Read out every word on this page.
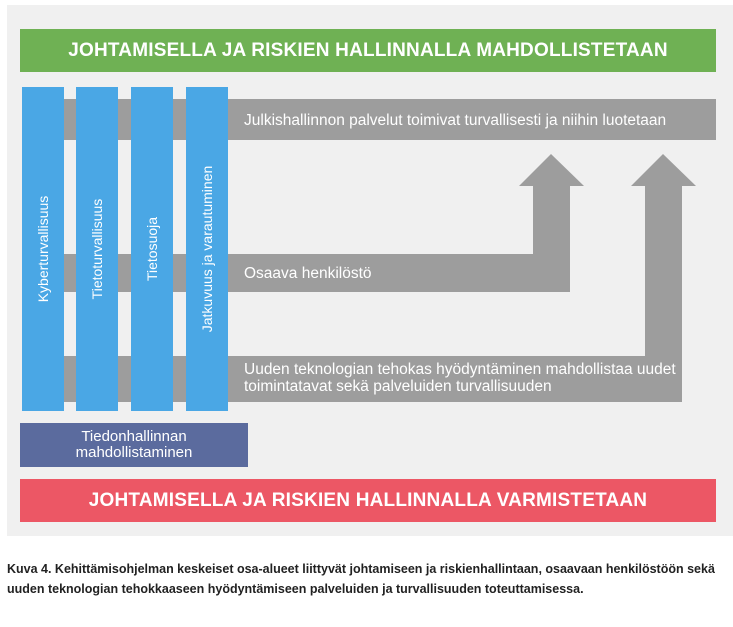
JOHTAMISELLA JA RISKIEN HALLINNALLA MAHDOLLISTETAAN
Julkishallinnon palvelut toimivat turvallisesti ja niihin luotetaan
Osaava henkilöstö
Uuden teknologian tehokas hyödyntäminen mahdollistaa uudet
toimintatavat sekä palveluiden turvallisuuden
Kyberturvallisuus	Tietoturvallisuus	Tietosuoja	Jatkuvuus ja varautuminen
Tiedonhallinnan
mahdollistaminen
JOHTAMISELLA JA RISKIEN HALLINNALLA VARMISTETAAN
Kuva 4. Kehittämisohjelman keskeiset osa-alueet liittyvät johtamiseen ja riskienhallintaan, osaavaan henkilöstöön sekä uuden teknologian tehokkaaseen hyödyntämiseen palveluiden ja turvallisuuden toteuttamisessa.
